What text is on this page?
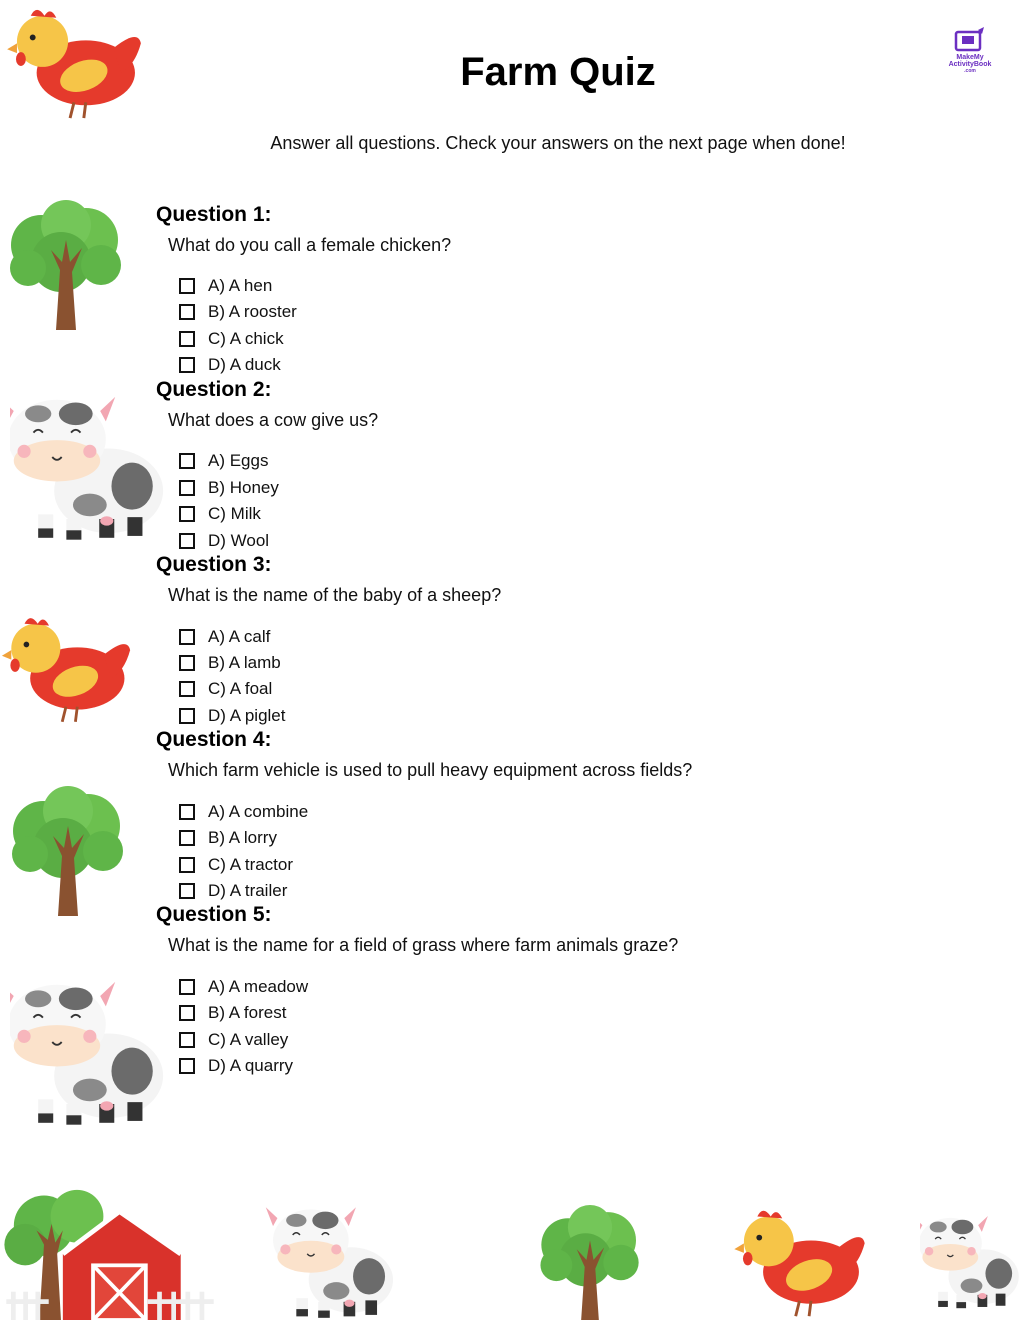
Farm Quiz
Answer all questions. Check your answers on the next page when done!
MakeMy
ActivityBook
.com
Question 1:
What do you call a female chicken?
A) A hen
B) A rooster
C) A chick
D) A duck
Question 2:
What does a cow give us?
A) Eggs
B) Honey
C) Milk
D) Wool
Question 3:
What is the name of the baby of a sheep?
A) A calf
B) A lamb
C) A foal
D) A piglet
Question 4:
Which farm vehicle is used to pull heavy equipment across fields?
A) A combine
B) A lorry
C) A tractor
D) A trailer
Question 5:
What is the name for a field of grass where farm animals graze?
A) A meadow
B) A forest
C) A valley
D) A quarry
